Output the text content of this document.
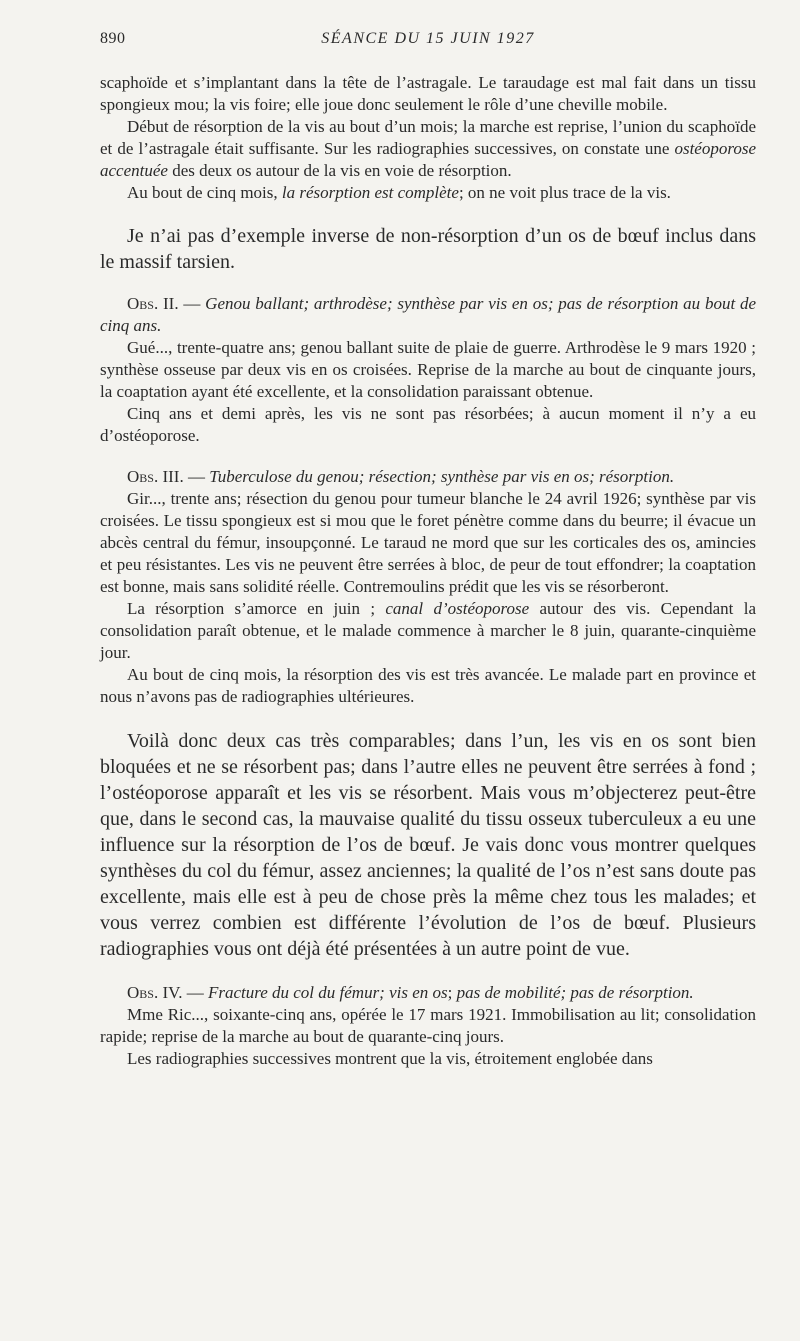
890	SÉANCE DU 15 JUIN 1927

scaphoïde et s’implantant dans la tête de l’astragale. Le taraudage est mal fait dans un tissu spongieux mou; la vis foire; elle joue donc seulement le rôle d’une cheville mobile.

Début de résorption de la vis au bout d’un mois; la marche est reprise, l’union du scaphoïde et de l’astragale était suffisante. Sur les radiographies successives, on constate une ostéoporose accentuée des deux os autour de la vis en voie de résorption.

Au bout de cinq mois, la résorption est complète; on ne voit plus trace de la vis.

Je n’ai pas d’exemple inverse de non-résorption d’un os de bœuf inclus dans le massif tarsien.

Obs. II. — Genou ballant; arthrodèse; synthèse par vis en os; pas de résorption au bout de cinq ans.

Gué..., trente-quatre ans; genou ballant suite de plaie de guerre. Arthrodèse le 9 mars 1920 ; synthèse osseuse par deux vis en os croisées. Reprise de la marche au bout de cinquante jours, la coaptation ayant été excellente, et la consolidation paraissant obtenue.

Cinq ans et demi après, les vis ne sont pas résorbées; à aucun moment il n’y a eu d’ostéoporose.

Obs. III. — Tuberculose du genou; résection; synthèse par vis en os; résorption.

Gir..., trente ans; résection du genou pour tumeur blanche le 24 avril 1926; synthèse par vis croisées. Le tissu spongieux est si mou que le foret pénètre comme dans du beurre; il évacue un abcès central du fémur, insoupçonné. Le taraud ne mord que sur les corticales des os, amincies et peu résistantes. Les vis ne peuvent être serrées à bloc, de peur de tout effondrer; la coaptation est bonne, mais sans solidité réelle. Contremoulins prédit que les vis se résorberont.

La résorption s’amorce en juin ; canal d’ostéoporose autour des vis. Cependant la consolidation paraît obtenue, et le malade commence à marcher le 8 juin, quarante-cinquième jour.

Au bout de cinq mois, la résorption des vis est très avancée. Le malade part en province et nous n’avons pas de radiographies ultérieures.

Voilà donc deux cas très comparables; dans l’un, les vis en os sont bien bloquées et ne se résorbent pas; dans l’autre elles ne peuvent être serrées à fond ; l’ostéoporose apparaît et les vis se résorbent. Mais vous m’objecterez peut-être que, dans le second cas, la mauvaise qualité du tissu osseux tuberculeux a eu une influence sur la résorption de l’os de bœuf. Je vais donc vous montrer quelques synthèses du col du fémur, assez anciennes; la qualité de l’os n’est sans doute pas excellente, mais elle est à peu de chose près la même chez tous les malades; et vous verrez combien est différente l’évolution de l’os de bœuf. Plusieurs radiographies vous ont déjà été présentées à un autre point de vue.

Obs. IV. — Fracture du col du fémur; vis en os; pas de mobilité; pas de résorption.

Mme Ric..., soixante-cinq ans, opérée le 17 mars 1921. Immobilisation au lit; consolidation rapide; reprise de la marche au bout de quarante-cinq jours.

Les radiographies successives montrent que la vis, étroitement englobée dans
